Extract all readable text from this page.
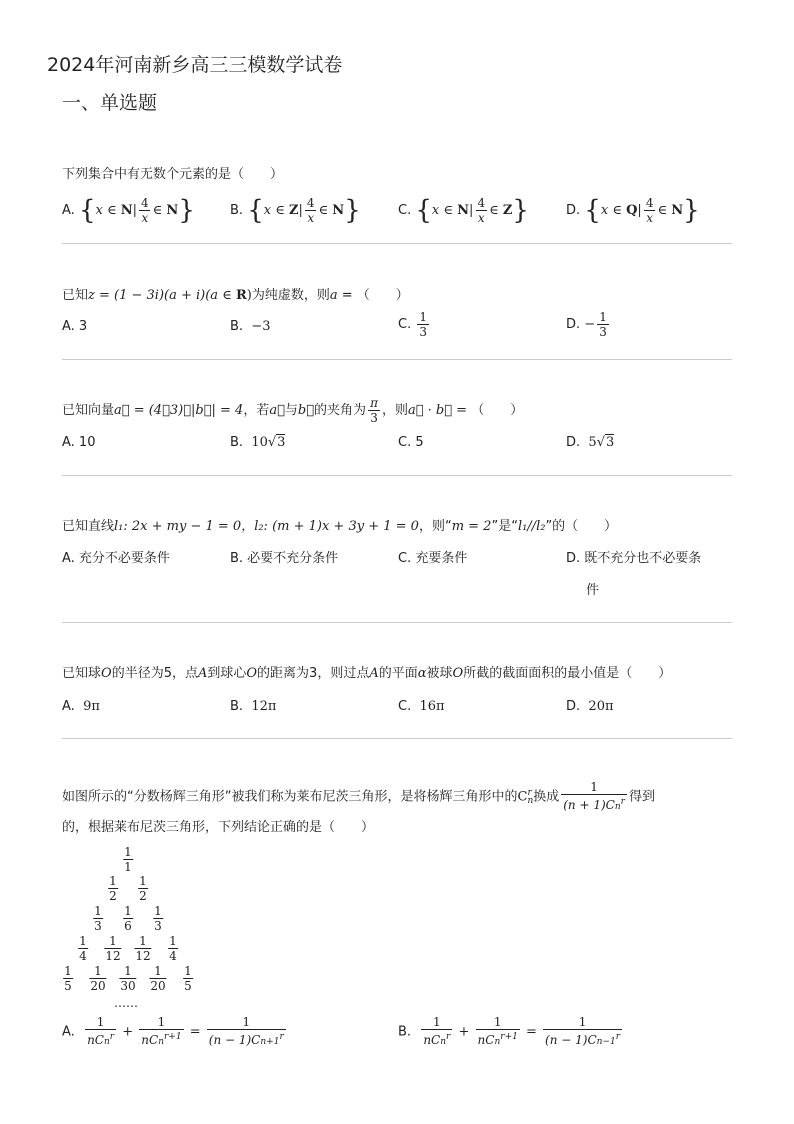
2024年河南新乡高三三模数学试卷
一、单选题
下列集合中有无数个元素的是（　　）
A. {x ∈ $N| \frac{4}{x}$ ∈ N}	B. {x ∈ $Z| \frac{4}{x}$ ∈ N}	C. {x ∈ $N| \frac{4}{x}$ ∈ Z}	D. {x ∈ $Q| \frac{4}{x}$ ∈ N}
已知z = (1 − 3i)(a + i)(a ∈ R)为纯虚数，则a = （　　）
A. 3	B. −3	C. $\frac{1}{3}$	D. − $\frac{1}{3}$
已知向量a⃗ = (4，3)，|b⃗| = 4，若a⃗与b⃗的夹角为 $\frac{\pi}{3}$ ，则a⃗ · b⃗ = （　　）
A. 10	B. 10√3	C. 5	D. 5√3
已知直线l₁: 2x + my − 1 = 0，l₂: (m + 1)x + 3y + 1 = 0，则“m = 2”是“l₁//l₂”的（　　）
A. 充分不必要条件	B. 必要不充分条件	C. 充要条件	D. 既不充分也不必要条
件
已知球O的半径为5，点A到球心O的距离为3，则过点A的平面α被球O所截的截面面积的最小值是（　　）
A. 9π	B. 12π	C. 16π	D. 20π
如图所示的“分数杨辉三角形”被我们称为莱布尼茨三角形，是将杨辉三角形中的C r
n 换成 $\frac{1}{(n + 1)Cn^r}$ 得到
的，根据莱布尼茨三角形，下列结论正确的是（　　）
$\frac{1}{1}$
$\frac{1}{2} \frac{1}{2}$
$\frac{1}{3} \frac{1}{6} \frac{1}{3}$
$\frac{1}{4} \frac{1}{12} \frac{1}{12} \frac{1}{4}$
$\frac{1}{5} \frac{1}{20} \frac{1}{30} \frac{1}{20} \frac{1}{5}$
……
A. $\frac{1}{nCn^r} + \frac{1}{nCn^{r+1}} = \frac{1}{(n - 1)Cn+1^r}$	B. $\frac{1}{nCn^r} + \frac{1}{nCn^{r+1}} = \frac{1}{(n - 1)Cn-1^r}$
